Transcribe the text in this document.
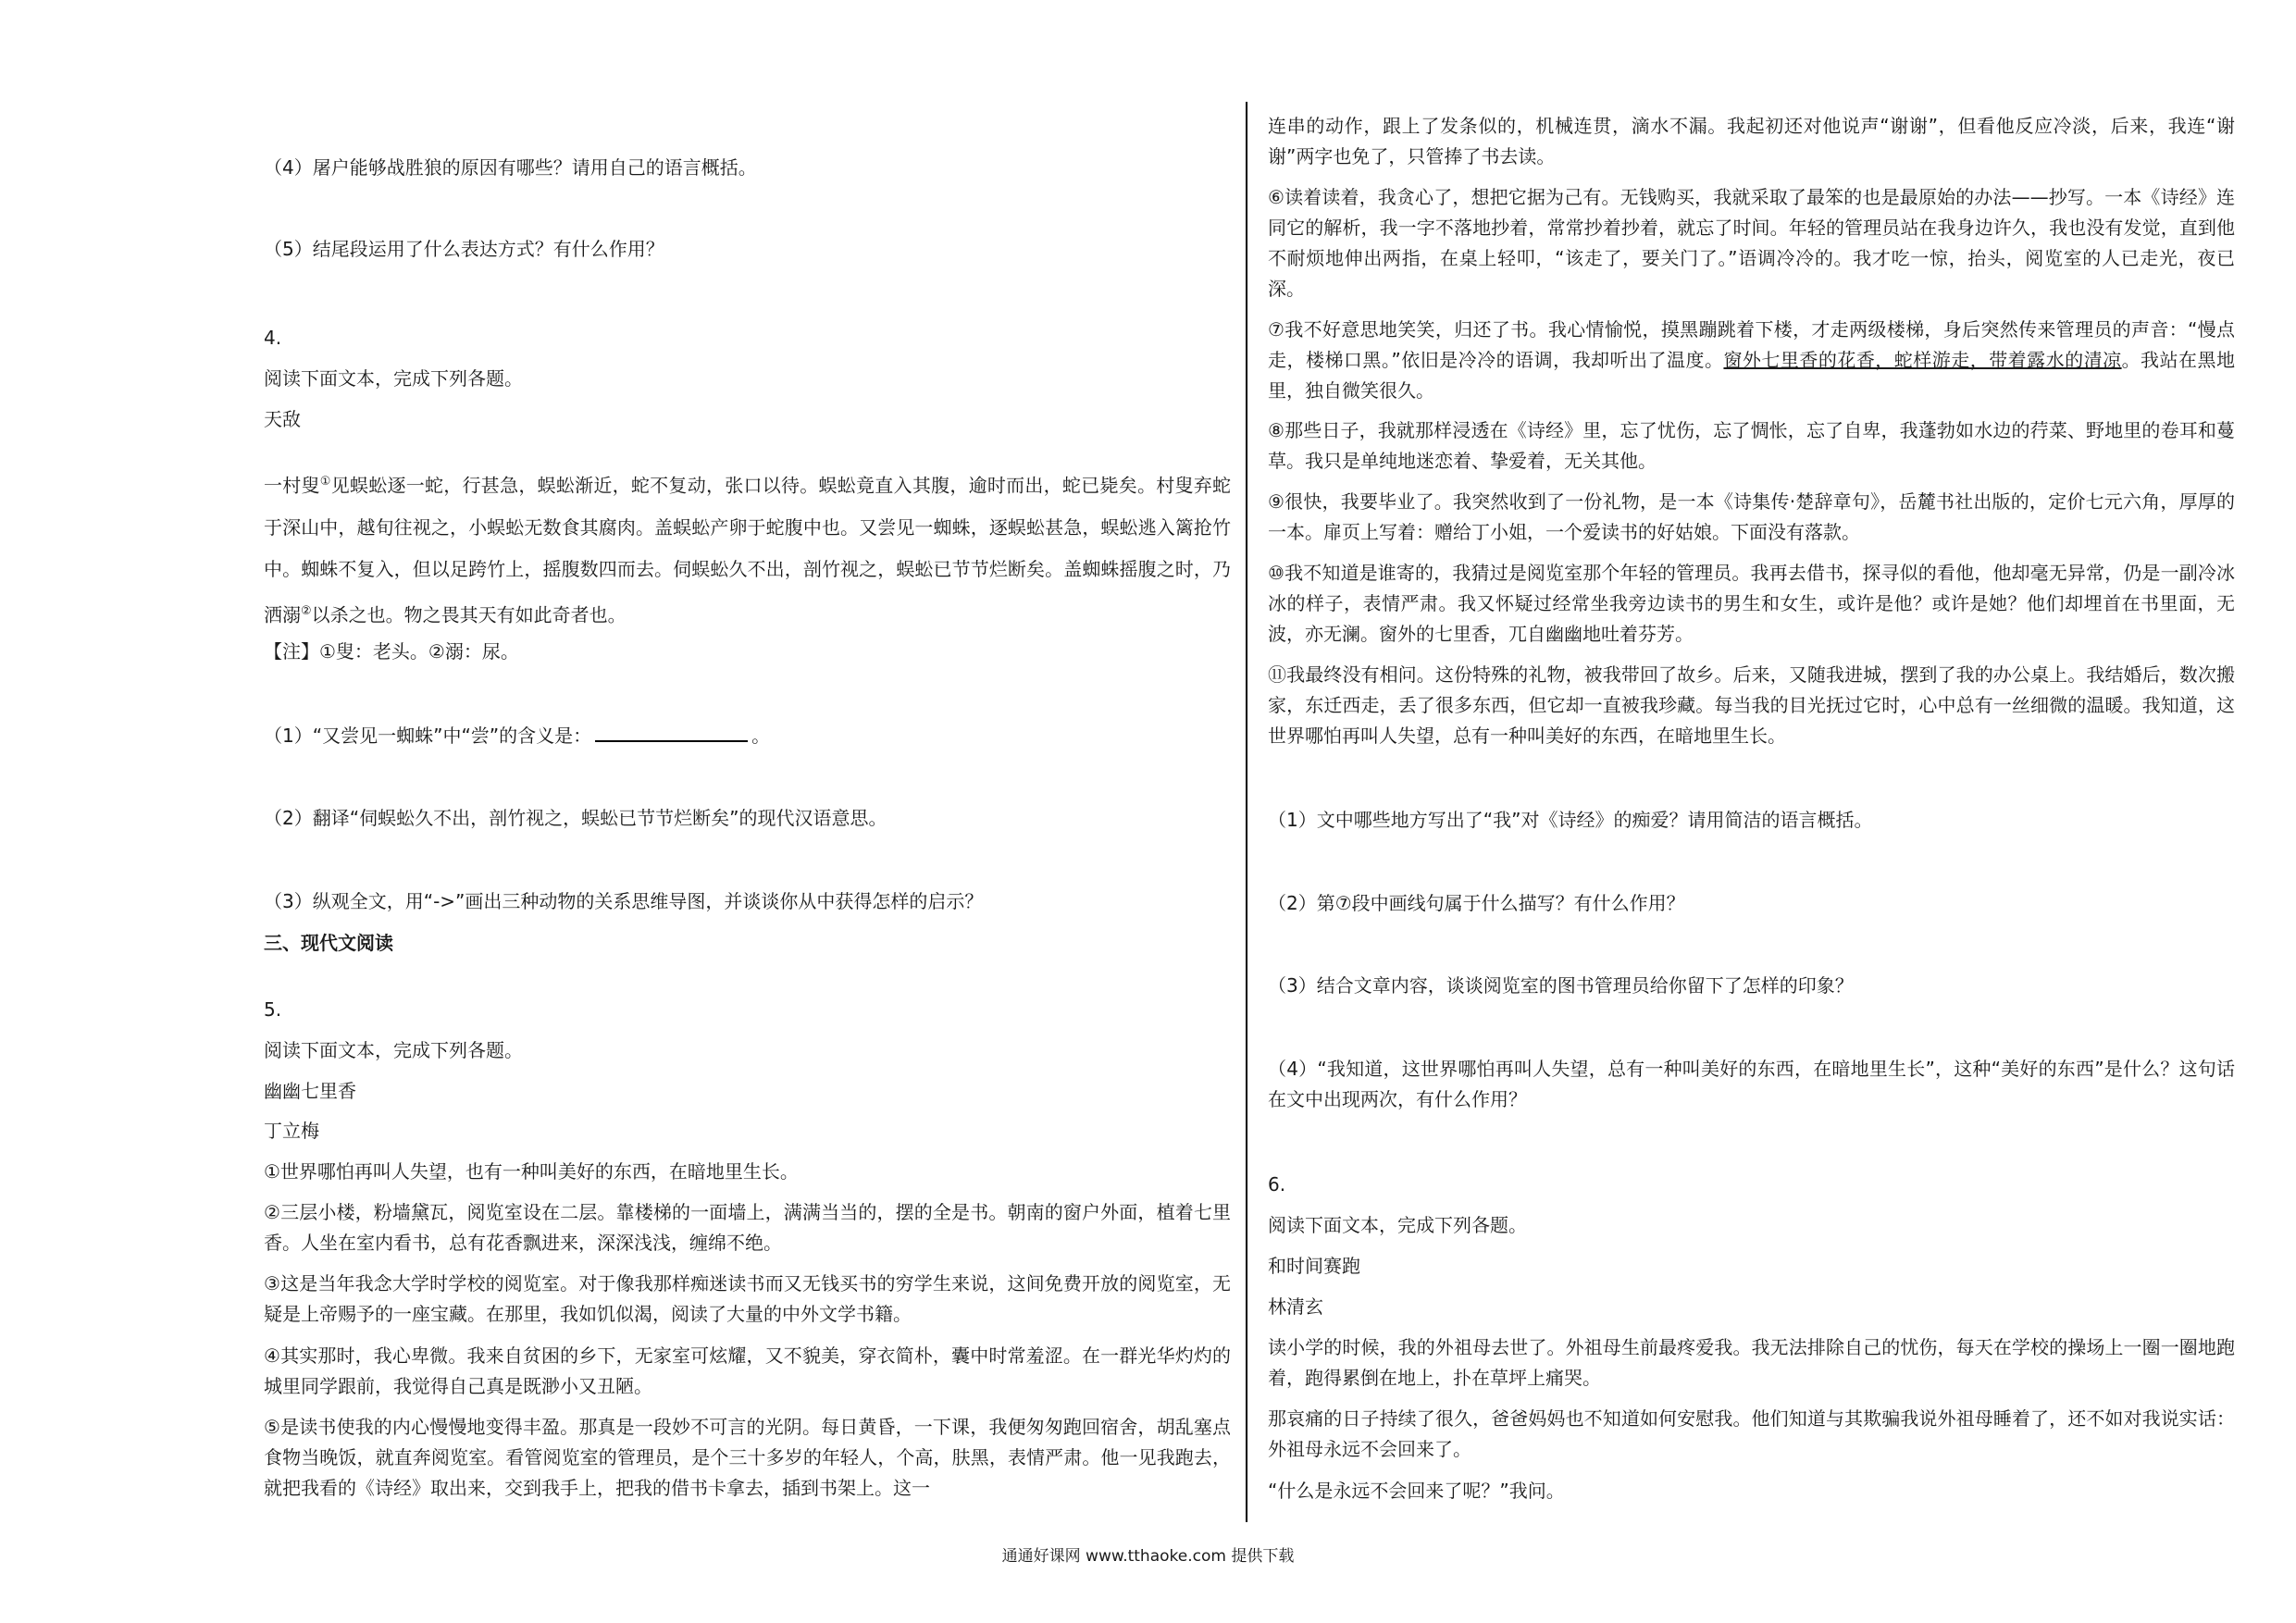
（4）屠户能够战胜狼的原因有哪些？请用自己的语言概括。
（5）结尾段运用了什么表达方式？有什么作用？
4.
阅读下面文本，完成下列各题。
天敌
一村叟①见蜈蚣逐一蛇，行甚急，蜈蚣渐近，蛇不复动，张口以待。蜈蚣竟直入其腹，逾时而出，蛇已毙矣。村叟弃蛇于深山中，越旬往视之，小蜈蚣无数食其腐肉。盖蜈蚣产卵于蛇腹中也。又尝见一蜘蛛，逐蜈蚣甚急，蜈蚣逃入篱抢竹中。蜘蛛不复入，但以足跨竹上，摇腹数四而去。伺蜈蚣久不出，剖竹视之，蜈蚣已节节烂断矣。盖蜘蛛摇腹之时，乃洒溺②以杀之也。物之畏其天有如此奇者也。
【注】①叟：老头。②溺：尿。
（1）“又尝见一蜘蛛”中“尝”的含义是：	。
（2）翻译“伺蜈蚣久不出，剖竹视之，蜈蚣已节节烂断矣”的现代汉语意思。
（3）纵观全文，用“->”画出三种动物的关系思维导图，并谈谈你从中获得怎样的启示？
三、现代文阅读
5.
阅读下面文本，完成下列各题。
幽幽七里香
丁立梅
①世界哪怕再叫人失望，也有一种叫美好的东西，在暗地里生长。
②三层小楼，粉墙黛瓦，阅览室设在二层。靠楼梯的一面墙上，满满当当的，摆的全是书。朝南的窗户外面，植着七里香。人坐在室内看书，总有花香飘进来，深深浅浅，缠绵不绝。
③这是当年我念大学时学校的阅览室。对于像我那样痴迷读书而又无钱买书的穷学生来说，这间免费开放的阅览室，无疑是上帝赐予的一座宝藏。在那里，我如饥似渴，阅读了大量的中外文学书籍。
④其实那时，我心卑微。我来自贫困的乡下，无家室可炫耀，又不貌美，穿衣简朴，囊中时常羞涩。在一群光华灼灼的城里同学跟前，我觉得自己真是既渺小又丑陋。
⑤是读书使我的内心慢慢地变得丰盈。那真是一段妙不可言的光阴。每日黄昏，一下课，我便匆匆跑回宿舍，胡乱塞点食物当晚饭，就直奔阅览室。看管阅览室的管理员，是个三十多岁的年轻人，个高，肤黑，表情严肃。他一见我跑去，就把我看的《诗经》取出来，交到我手上，把我的借书卡拿去，插到书架上。这一
连串的动作，跟上了发条似的，机械连贯，滴水不漏。我起初还对他说声“谢谢”，但看他反应冷淡，后来，我连“谢谢”两字也免了，只管捧了书去读。
⑥读着读着，我贪心了，想把它据为己有。无钱购买，我就采取了最笨的也是最原始的办法——抄写。一本《诗经》连同它的解析，我一字不落地抄着，常常抄着抄着，就忘了时间。年轻的管理员站在我身边许久，我也没有发觉，直到他不耐烦地伸出两指，在桌上轻叩，“该走了，要关门了。”语调冷冷的。我才吃一惊，抬头，阅览室的人已走光，夜已深。
⑦我不好意思地笑笑，归还了书。我心情愉悦，摸黑蹦跳着下楼，才走两级楼梯，身后突然传来管理员的声音：“慢点走，楼梯口黑。”依旧是冷冷的语调，我却听出了温度。窗外七里香的花香，蛇样游走，带着露水的清凉。我站在黑地里，独自微笑很久。
⑧那些日子，我就那样浸透在《诗经》里，忘了忧伤，忘了惆怅，忘了自卑，我蓬勃如水边的荇菜、野地里的卷耳和蔓草。我只是单纯地迷恋着、挚爱着，无关其他。
⑨很快，我要毕业了。我突然收到了一份礼物，是一本《诗集传·楚辞章句》，岳麓书社出版的，定价七元六角，厚厚的一本。扉页上写着：赠给丁小姐，一个爱读书的好姑娘。下面没有落款。
⑩我不知道是谁寄的，我猜过是阅览室那个年轻的管理员。我再去借书，探寻似的看他，他却毫无异常，仍是一副冷冰冰的样子，表情严肃。我又怀疑过经常坐我旁边读书的男生和女生，或许是他？或许是她？他们却埋首在书里面，无波，亦无澜。窗外的七里香，兀自幽幽地吐着芬芳。
⑪我最终没有相问。这份特殊的礼物，被我带回了故乡。后来，又随我进城，摆到了我的办公桌上。我结婚后，数次搬家，东迁西走，丢了很多东西，但它却一直被我珍藏。每当我的目光抚过它时，心中总有一丝细微的温暖。我知道，这世界哪怕再叫人失望，总有一种叫美好的东西，在暗地里生长。
（1）文中哪些地方写出了“我”对《诗经》的痴爱？请用简洁的语言概括。
（2）第⑦段中画线句属于什么描写？有什么作用？
（3）结合文章内容，谈谈阅览室的图书管理员给你留下了怎样的印象？
（4）“我知道，这世界哪怕再叫人失望，总有一种叫美好的东西，在暗地里生长”，这种“美好的东西”是什么？这句话在文中出现两次，有什么作用？
6.
阅读下面文本，完成下列各题。
和时间赛跑
林清玄
读小学的时候，我的外祖母去世了。外祖母生前最疼爱我。我无法排除自己的忧伤，每天在学校的操场上一圈一圈地跑着，跑得累倒在地上，扑在草坪上痛哭。
那哀痛的日子持续了很久，爸爸妈妈也不知道如何安慰我。他们知道与其欺骗我说外祖母睡着了，还不如对我说实话：外祖母永远不会回来了。
“什么是永远不会回来了呢？”我问。
通通好课网 www.tthaoke.com 提供下载
